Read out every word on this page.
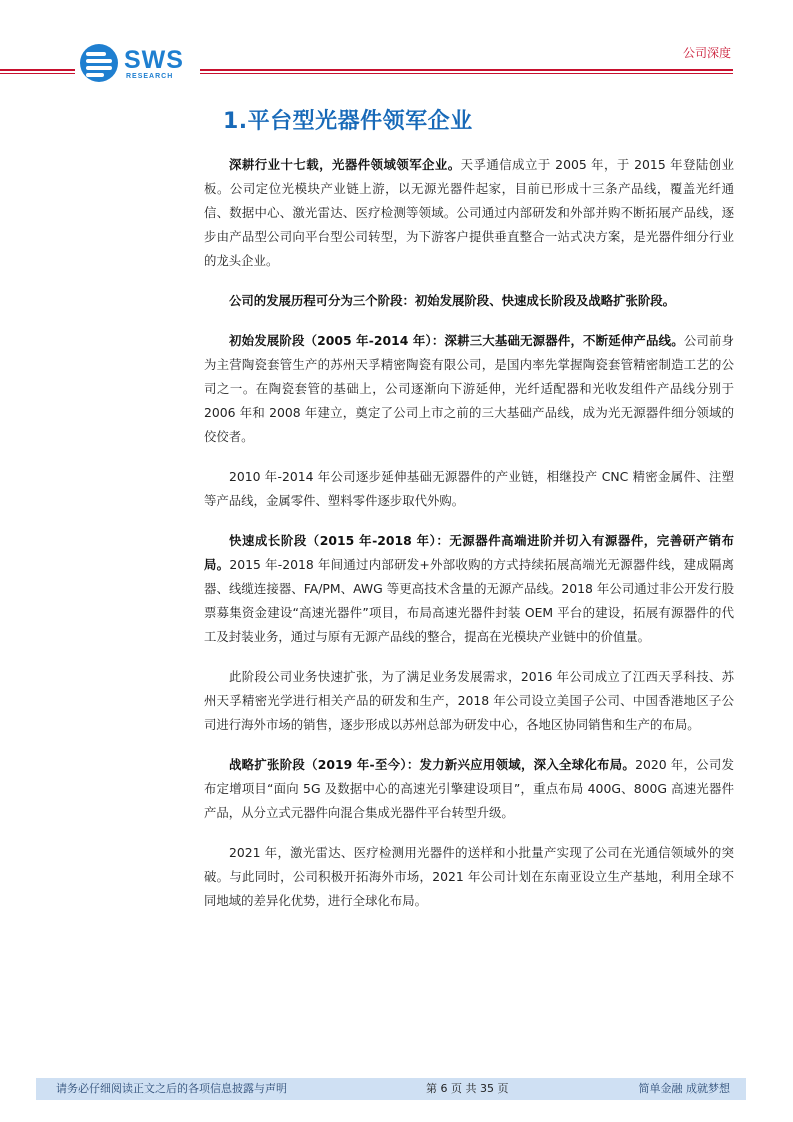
SWS
RESEARCH
公司深度
1.平台型光器件领军企业

深耕行业十七载，光器件领域领军企业。天孚通信成立于 2005 年，于 2015 年登陆创业板。公司定位光模块产业链上游，以无源光器件起家，目前已形成十三条产品线，覆盖光纤通信、数据中心、激光雷达、医疗检测等领域。公司通过内部研发和外部并购不断拓展产品线，逐步由产品型公司向平台型公司转型，为下游客户提供垂直整合一站式决方案，是光器件细分行业的龙头企业。

公司的发展历程可分为三个阶段：初始发展阶段、快速成长阶段及战略扩张阶段。

初始发展阶段（2005 年-2014 年）：深耕三大基础无源器件，不断延伸产品线。公司前身为主营陶瓷套管生产的苏州天孚精密陶瓷有限公司，是国内率先掌握陶瓷套管精密制造工艺的公司之一。在陶瓷套管的基础上，公司逐渐向下游延伸，光纤适配器和光收发组件产品线分别于 2006 年和 2008 年建立，奠定了公司上市之前的三大基础产品线，成为光无源器件细分领域的佼佼者。

2010 年-2014 年公司逐步延伸基础无源器件的产业链，相继投产 CNC 精密金属件、注塑等产品线，金属零件、塑料零件逐步取代外购。

快速成长阶段（2015 年-2018 年）：无源器件高端进阶并切入有源器件，完善研产销布局。2015 年-2018 年间通过内部研发+外部收购的方式持续拓展高端光无源器件线，建成隔离器、线缆连接器、FA/PM、AWG 等更高技术含量的无源产品线。2018 年公司通过非公开发行股票募集资金建设“高速光器件”项目，布局高速光器件封装 OEM 平台的建设，拓展有源器件的代工及封装业务，通过与原有无源产品线的整合，提高在光模块产业链中的价值量。

此阶段公司业务快速扩张，为了满足业务发展需求，2016 年公司成立了江西天孚科技、苏州天孚精密光学进行相关产品的研发和生产，2018 年公司设立美国子公司、中国香港地区子公司进行海外市场的销售，逐步形成以苏州总部为研发中心，各地区协同销售和生产的布局。

战略扩张阶段（2019 年-至今）：发力新兴应用领域，深入全球化布局。2020 年，公司发布定增项目“面向 5G 及数据中心的高速光引擎建设项目”，重点布局 400G、800G 高速光器件产品，从分立式元器件向混合集成光器件平台转型升级。

2021 年，激光雷达、医疗检测用光器件的送样和小批量产实现了公司在光通信领域外的突破。与此同时，公司积极开拓海外市场，2021 年公司计划在东南亚设立生产基地，利用全球不同地域的差异化优势，进行全球化布局。

请务必仔细阅读正文之后的各项信息披露与声明	第 6 页 共 35 页	简单金融 成就梦想
